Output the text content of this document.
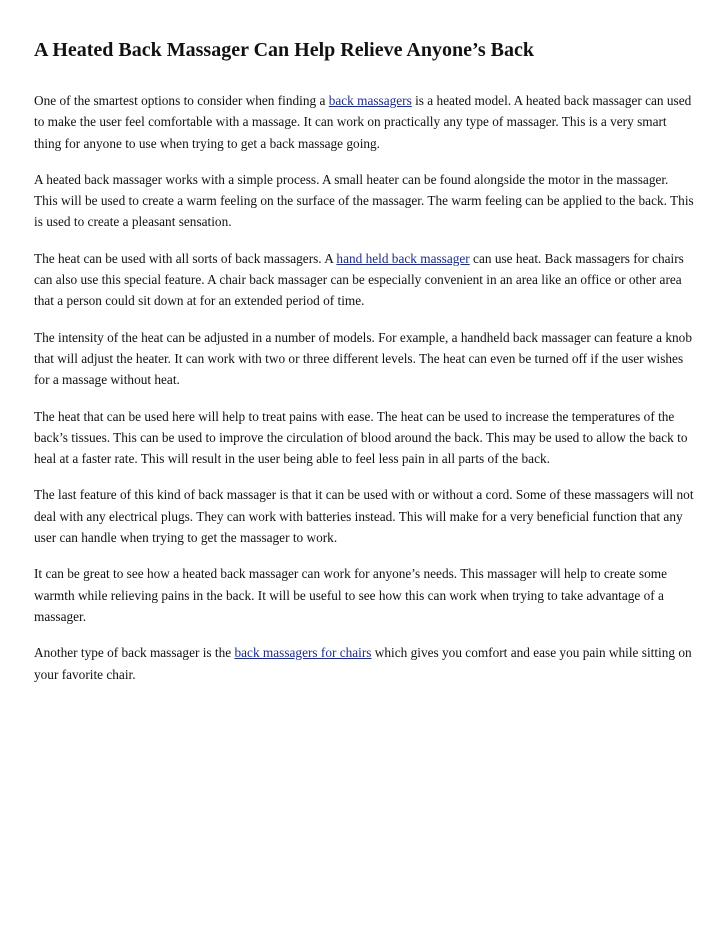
A Heated Back Massager Can Help Relieve Anyone’s Back

One of the smartest options to consider when finding a back massagers is a heated model. A heated back massager can used to make the user feel comfortable with a massage. It can work on practically any type of massager. This is a very smart thing for anyone to use when trying to get a back massage going.

A heated back massager works with a simple process. A small heater can be found alongside the motor in the massager. This will be used to create a warm feeling on the surface of the massager. The warm feeling can be applied to the back. This is used to create a pleasant sensation.

The heat can be used with all sorts of back massagers. A hand held back massager can use heat. Back massagers for chairs can also use this special feature. A chair back massager can be especially convenient in an area like an office or other area that a person could sit down at for an extended period of time.

The intensity of the heat can be adjusted in a number of models. For example, a handheld back massager can feature a knob that will adjust the heater. It can work with two or three different levels. The heat can even be turned off if the user wishes for a massage without heat.

The heat that can be used here will help to treat pains with ease. The heat can be used to increase the temperatures of the back’s tissues. This can be used to improve the circulation of blood around the back. This may be used to allow the back to heal at a faster rate. This will result in the user being able to feel less pain in all parts of the back.

The last feature of this kind of back massager is that it can be used with or without a cord. Some of these massagers will not deal with any electrical plugs. They can work with batteries instead. This will make for a very beneficial function that any user can handle when trying to get the massager to work.

It can be great to see how a heated back massager can work for anyone’s needs. This massager will help to create some warmth while relieving pains in the back. It will be useful to see how this can work when trying to take advantage of a massager.

Another type of back massager is the back massagers for chairs which gives you comfort and ease you pain while sitting on your favorite chair.
